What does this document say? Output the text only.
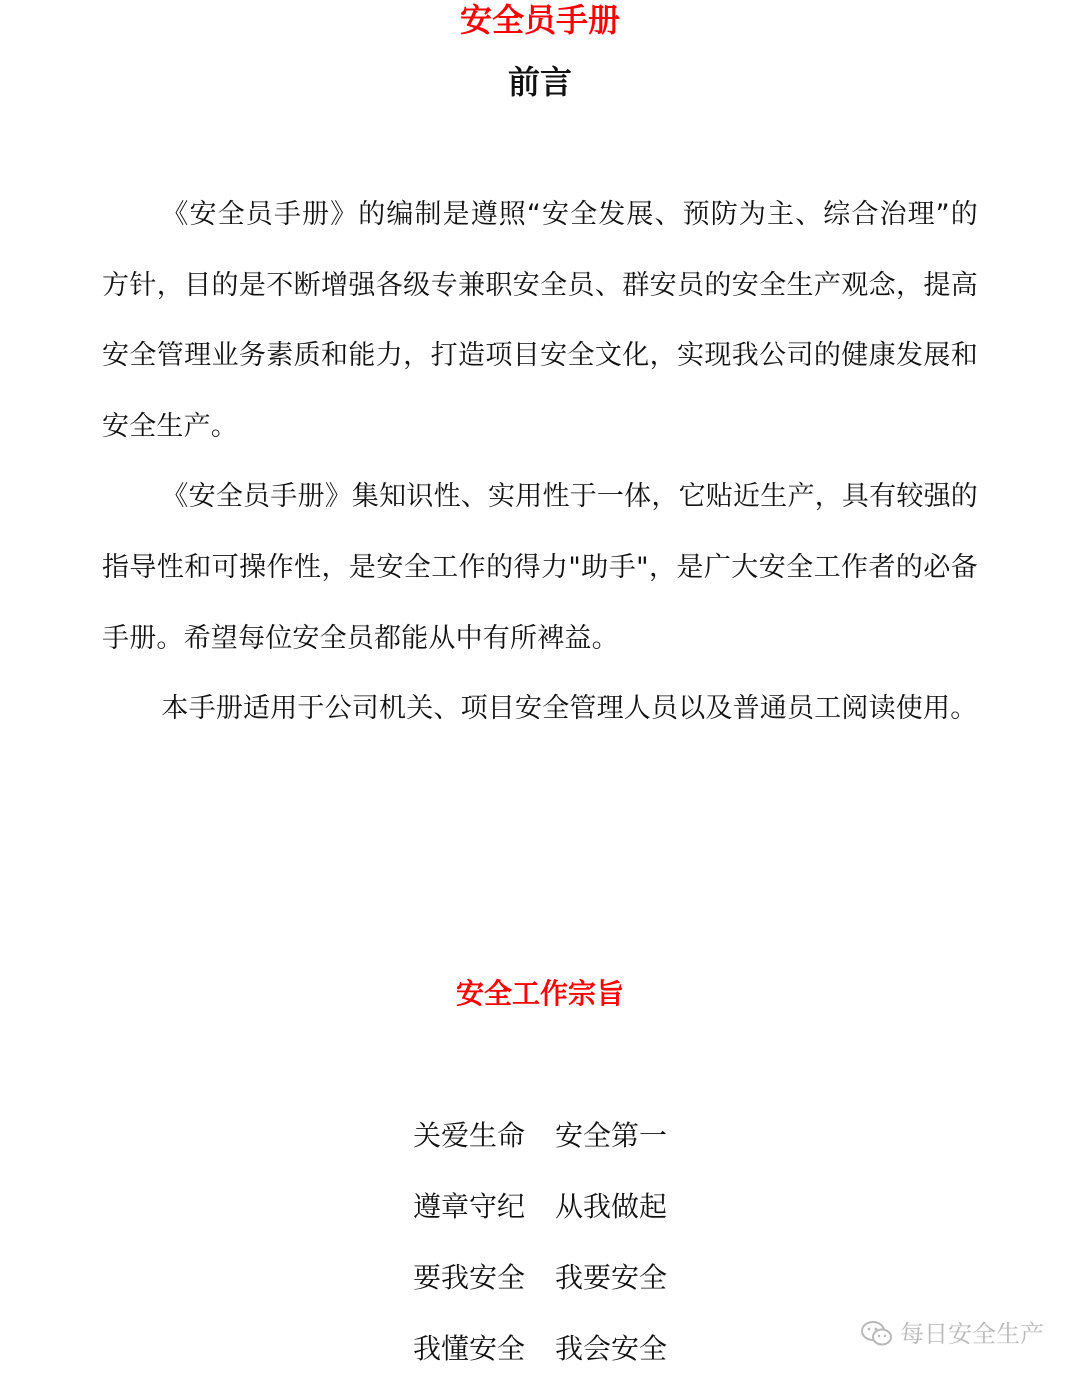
安全员手册
前言

《安全员手册》的编制是遵照“安全发展、预防为主、综合治理”的方针，目的是不断增强各级专兼职安全员、群安员的安全生产观念，提高安全管理业务素质和能力，打造项目安全文化，实现我公司的健康发展和安全生产。

《安全员手册》集知识性、实用性于一体，它贴近生产，具有较强的指导性和可操作性，是安全工作的得力"助手"，是广大安全工作者的必备手册。希望每位安全员都能从中有所裨益。

本手册适用于公司机关、项目安全管理人员以及普通员工阅读使用。

安全工作宗旨
关爱生命 安全第一
遵章守纪 从我做起
要我安全 我要安全
我懂安全 我会安全	每日安全生产
